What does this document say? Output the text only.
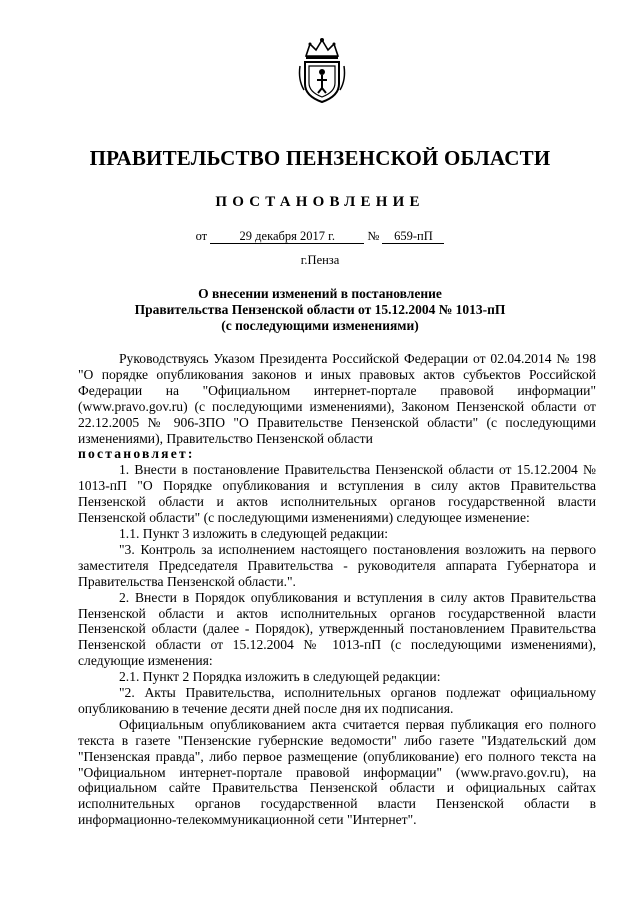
ПРАВИТЕЛЬСТВО ПЕНЗЕНСКОЙ ОБЛАСТИ
ПОСТАНОВЛЕНИЕ
от	29 декабря 2017 г.	№ 659-пП
г.Пенза
О внесении изменений в постановление
Правительства Пензенской области от 15.12.2004 № 1013-пП
(с последующими изменениями)

Руководствуясь Указом Президента Российской Федерации от 02.04.2014 № 198 "О порядке опубликования законов и иных правовых актов субъектов Российской Федерации на "Официальном интернет-портале правовой информации" (www.pravo.gov.ru) (с последующими изменениями), Законом Пензенской области от 22.12.2005 № 906-ЗПО "О Правительстве Пензенской области" (с последующими изменениями), Правительство Пензенской области

постановляет:

1. Внести в постановление Правительства Пензенской области от 15.12.2004 № 1013-пП "О Порядке опубликования и вступления в силу актов Правительства Пензенской области и актов исполнительных органов государственной власти Пензенской области" (с последующими изменениями) следующее изменение:

1.1. Пункт 3 изложить в следующей редакции:

"3. Контроль за исполнением настоящего постановления возложить на первого заместителя Председателя Правительства - руководителя аппарата Губернатора и Правительства Пензенской области.".

2. Внести в Порядок опубликования и вступления в силу актов Правительства Пензенской области и актов исполнительных органов государственной власти Пензенской области (далее - Порядок), утвержденный постановлением Правительства Пензенской области от 15.12.2004 № 1013-пП (с последующими изменениями), следующие изменения:

2.1. Пункт 2 Порядка изложить в следующей редакции:

"2. Акты Правительства, исполнительных органов подлежат официальному опубликованию в течение десяти дней после дня их подписания.

Официальным опубликованием акта считается первая публикация его полного текста в газете "Пензенские губернские ведомости" либо газете "Издательский дом "Пензенская правда", либо первое размещение (опубликование) его полного текста на "Официальном интернет-портале правовой информации" (www.pravo.gov.ru), на официальном сайте Правительства Пензенской области и официальных сайтах исполнительных органов государственной власти Пензенской области в информационно-телекоммуникационной сети "Интернет".
